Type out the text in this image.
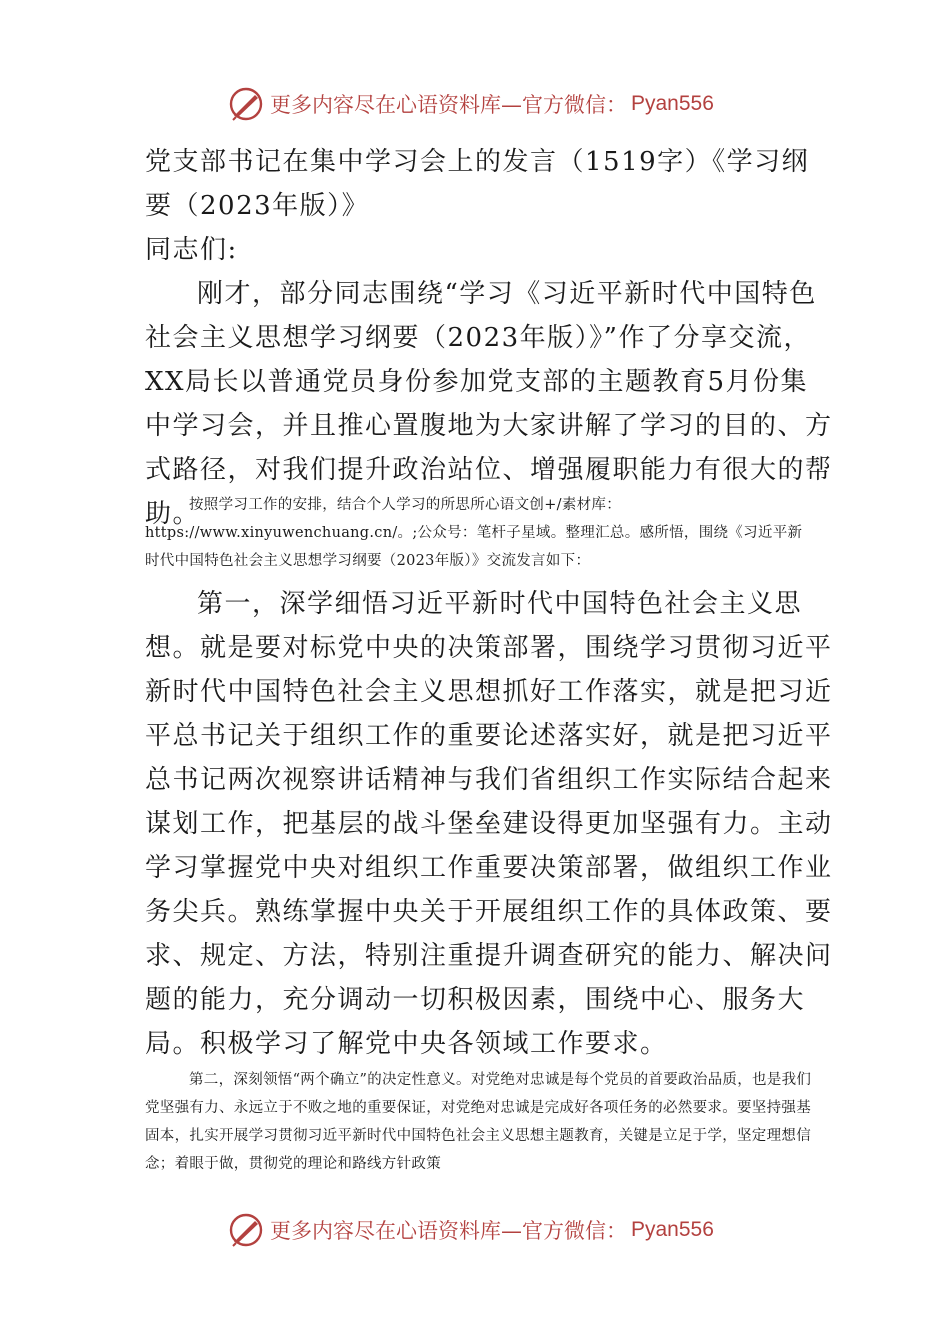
更多内容尽在心语资料库—官方微信： Pyan556

党支部书记在集中学习会上的发言（1519字）《学习纲要（2023年版）》

同志们:

刚才，部分同志围绕“学习《习近平新时代中国特色社会主义思想学习纲要（2023年版）》”作了分享交流，XX局长以普通党员身份参加党支部的主题教育5月份集中学习会，并且推心置腹地为大家讲解了学习的目的、方式路径，对我们提升政治站位、增强履职能力有很大的帮助。

按照学习工作的安排，结合个人学习的所思所心语文创+/素材库：https://www.xinyuwenchuang.cn/。;公众号：笔杆子星域。整理汇总。感所悟，围绕《习近平新时代中国特色社会主义思想学习纲要（2023年版）》交流发言如下：

第一，深学细悟习近平新时代中国特色社会主义思想。就是要对标党中央的决策部署，围绕学习贯彻习近平新时代中国特色社会主义思想抓好工作落实，就是把习近平总书记关于组织工作的重要论述落实好，就是把习近平总书记两次视察讲话精神与我们省组织工作实际结合起来谋划工作，把基层的战斗堡垒建设得更加坚强有力。主动学习掌握党中央对组织工作重要决策部署，做组织工作业务尖兵。熟练掌握中央关于开展组织工作的具体政策、要求、规定、方法，特别注重提升调查研究的能力、解决问题的能力，充分调动一切积极因素，围绕中心、服务大局。积极学习了解党中央各领域工作要求。

第二，深刻领悟“两个确立”的决定性意义。对党绝对忠诚是每个党员的首要政治品质，也是我们党坚强有力、永远立于不败之地的重要保证，对党绝对忠诚是完成好各项任务的必然要求。要坚持强基固本，扎实开展学习贯彻习近平新时代中国特色社会主义思想主题教育，关键是立足于学，坚定理想信念；着眼于做，贯彻党的理论和路线方针政策

更多内容尽在心语资料库—官方微信： Pyan556
